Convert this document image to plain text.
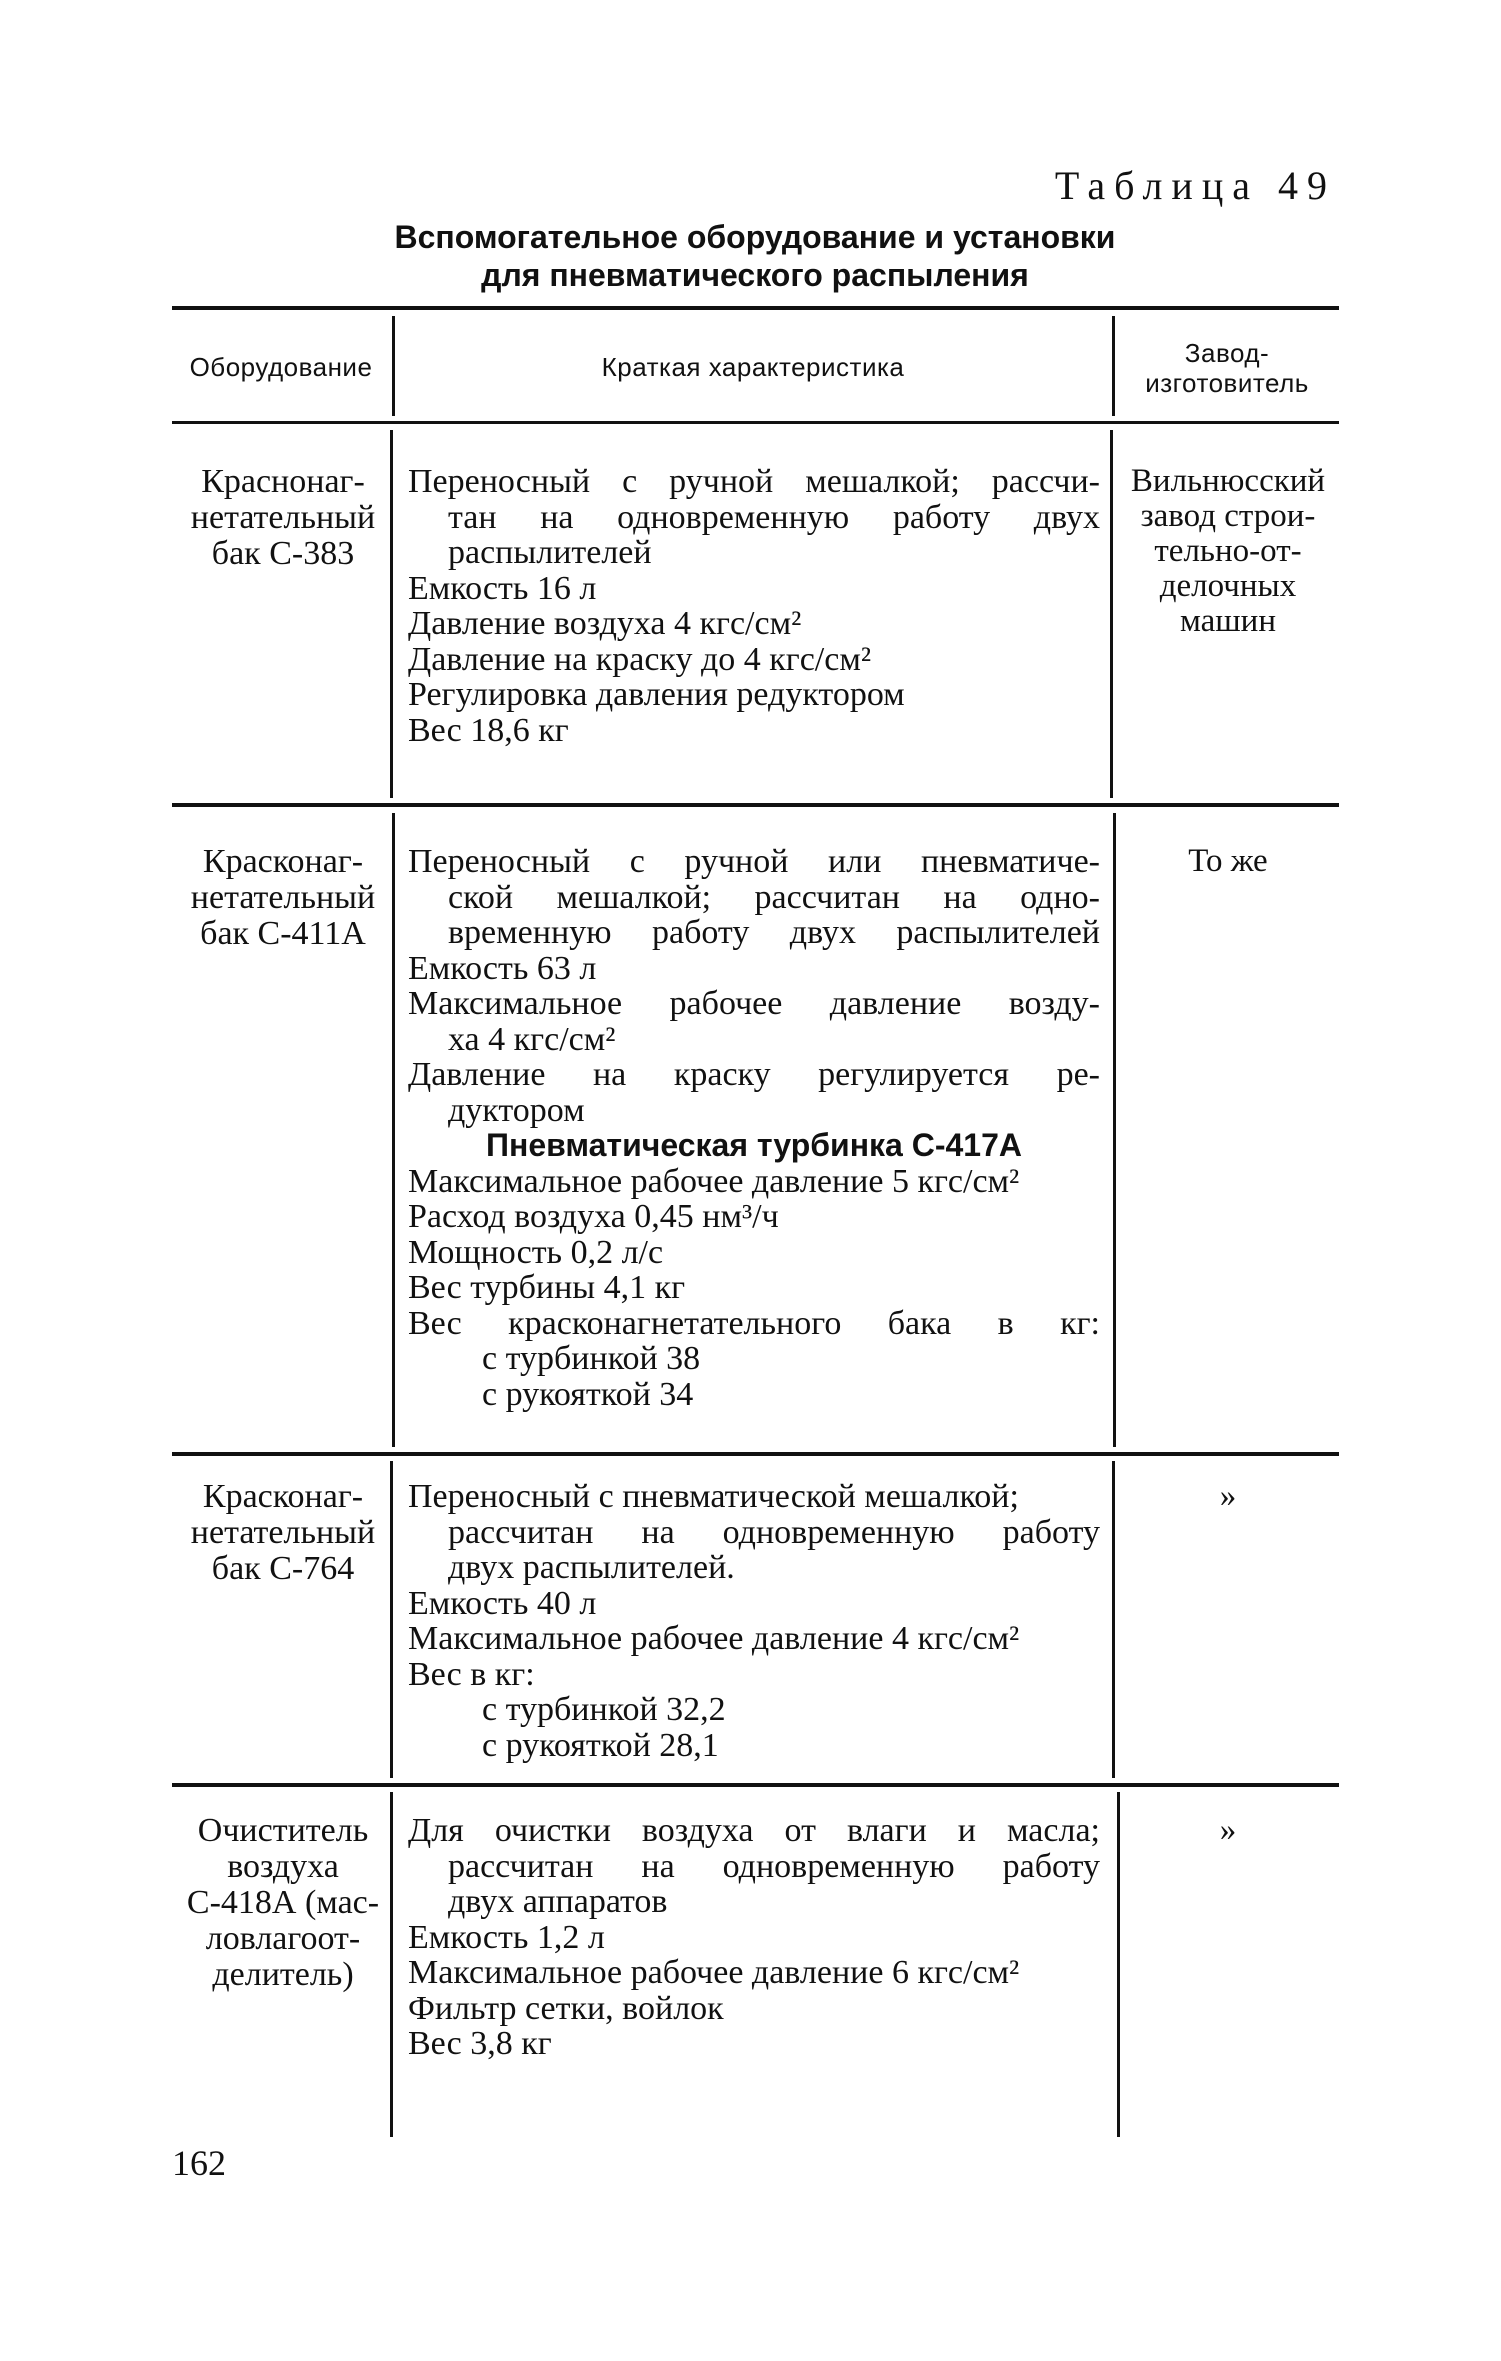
Таблица 49
Вспомогательное оборудование и установки
для пневматического распыления
Оборудование	Краткая характеристика	Завод-
изготовитель
Краснонаг-
нетательный
бак С-383
Переносный с ручной мешалкой; рассчи-
тан на одновременную работу двух
распылителей
Емкость 16 л
Давление воздуха 4 кгс/см²
Давление на краску до 4 кгс/см²
Регулировка давления редуктором
Вес 18,6 кг
Вильнюсский
завод строи-
тельно-от-
делочных
машин
Красконаг-
нетательный
бак С-411А
Переносный с ручной или пневматиче-
ской мешалкой; рассчитан на одно-
временную работу двух распылителей
Емкость 63 л
Максимальное рабочее давление возду-
ха 4 кгс/см²
Давление на краску регулируется ре-
дуктором
Пневматическая турбинка С-417А
Максимальное рабочее давление 5 кгс/см²
Расход воздуха 0,45 нм³/ч
Мощность 0,2 л/с
Вес турбины 4,1 кг
Вес красконагнетательного бака в кг:
с турбинкой 38
с рукояткой 34
То же
Красконаг-
нетательный
бак С-764
Переносный с пневматической мешалкой;
рассчитан на одновременную работу
двух распылителей.
Емкость 40 л
Максимальное рабочее давление 4 кгс/см²
Вес в кг:
с турбинкой 32,2
с рукояткой 28,1
»
Очиститель
воздуха
С-418А (мас-
ловлагоот-
делитель)
Для очистки воздуха от влаги и масла;
рассчитан на одновременную работу
двух аппаратов
Емкость 1,2 л
Максимальное рабочее давление 6 кгс/см²
Фильтр сетки, войлок
Вес 3,8 кг
»
162
